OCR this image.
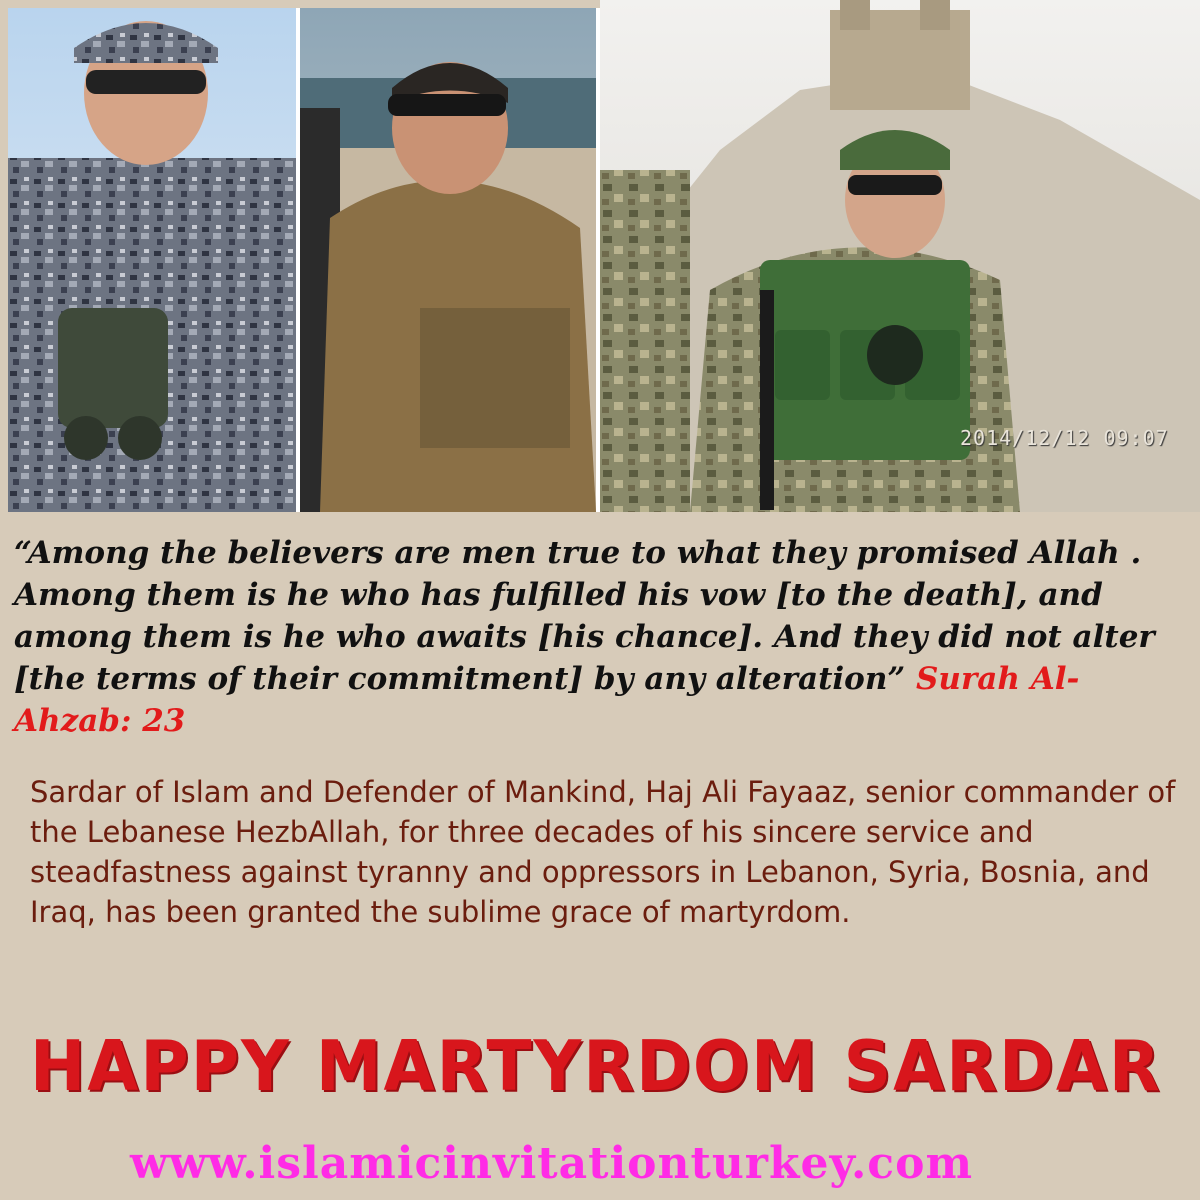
2014/12/12 09:07

“Among the believers are men true to what they promised Allah . Among them is he who has fulfilled his vow [to the death], and among them is he who awaits [his chance]. And they did not alter [the terms of their commitment] by any alteration” Surah Al-Ahzab: 23

Sardar of Islam and Defender of Mankind, Haj Ali Fayaaz, senior commander of the Lebanese HezbAllah, for three decades of his sincere service and steadfastness against tyranny and oppressors in Lebanon, Syria, Bosnia, and Iraq, has been granted the sublime grace of martyrdom.

HAPPY MARTYRDOM SARDAR

www.islamicinvitationturkey.com
